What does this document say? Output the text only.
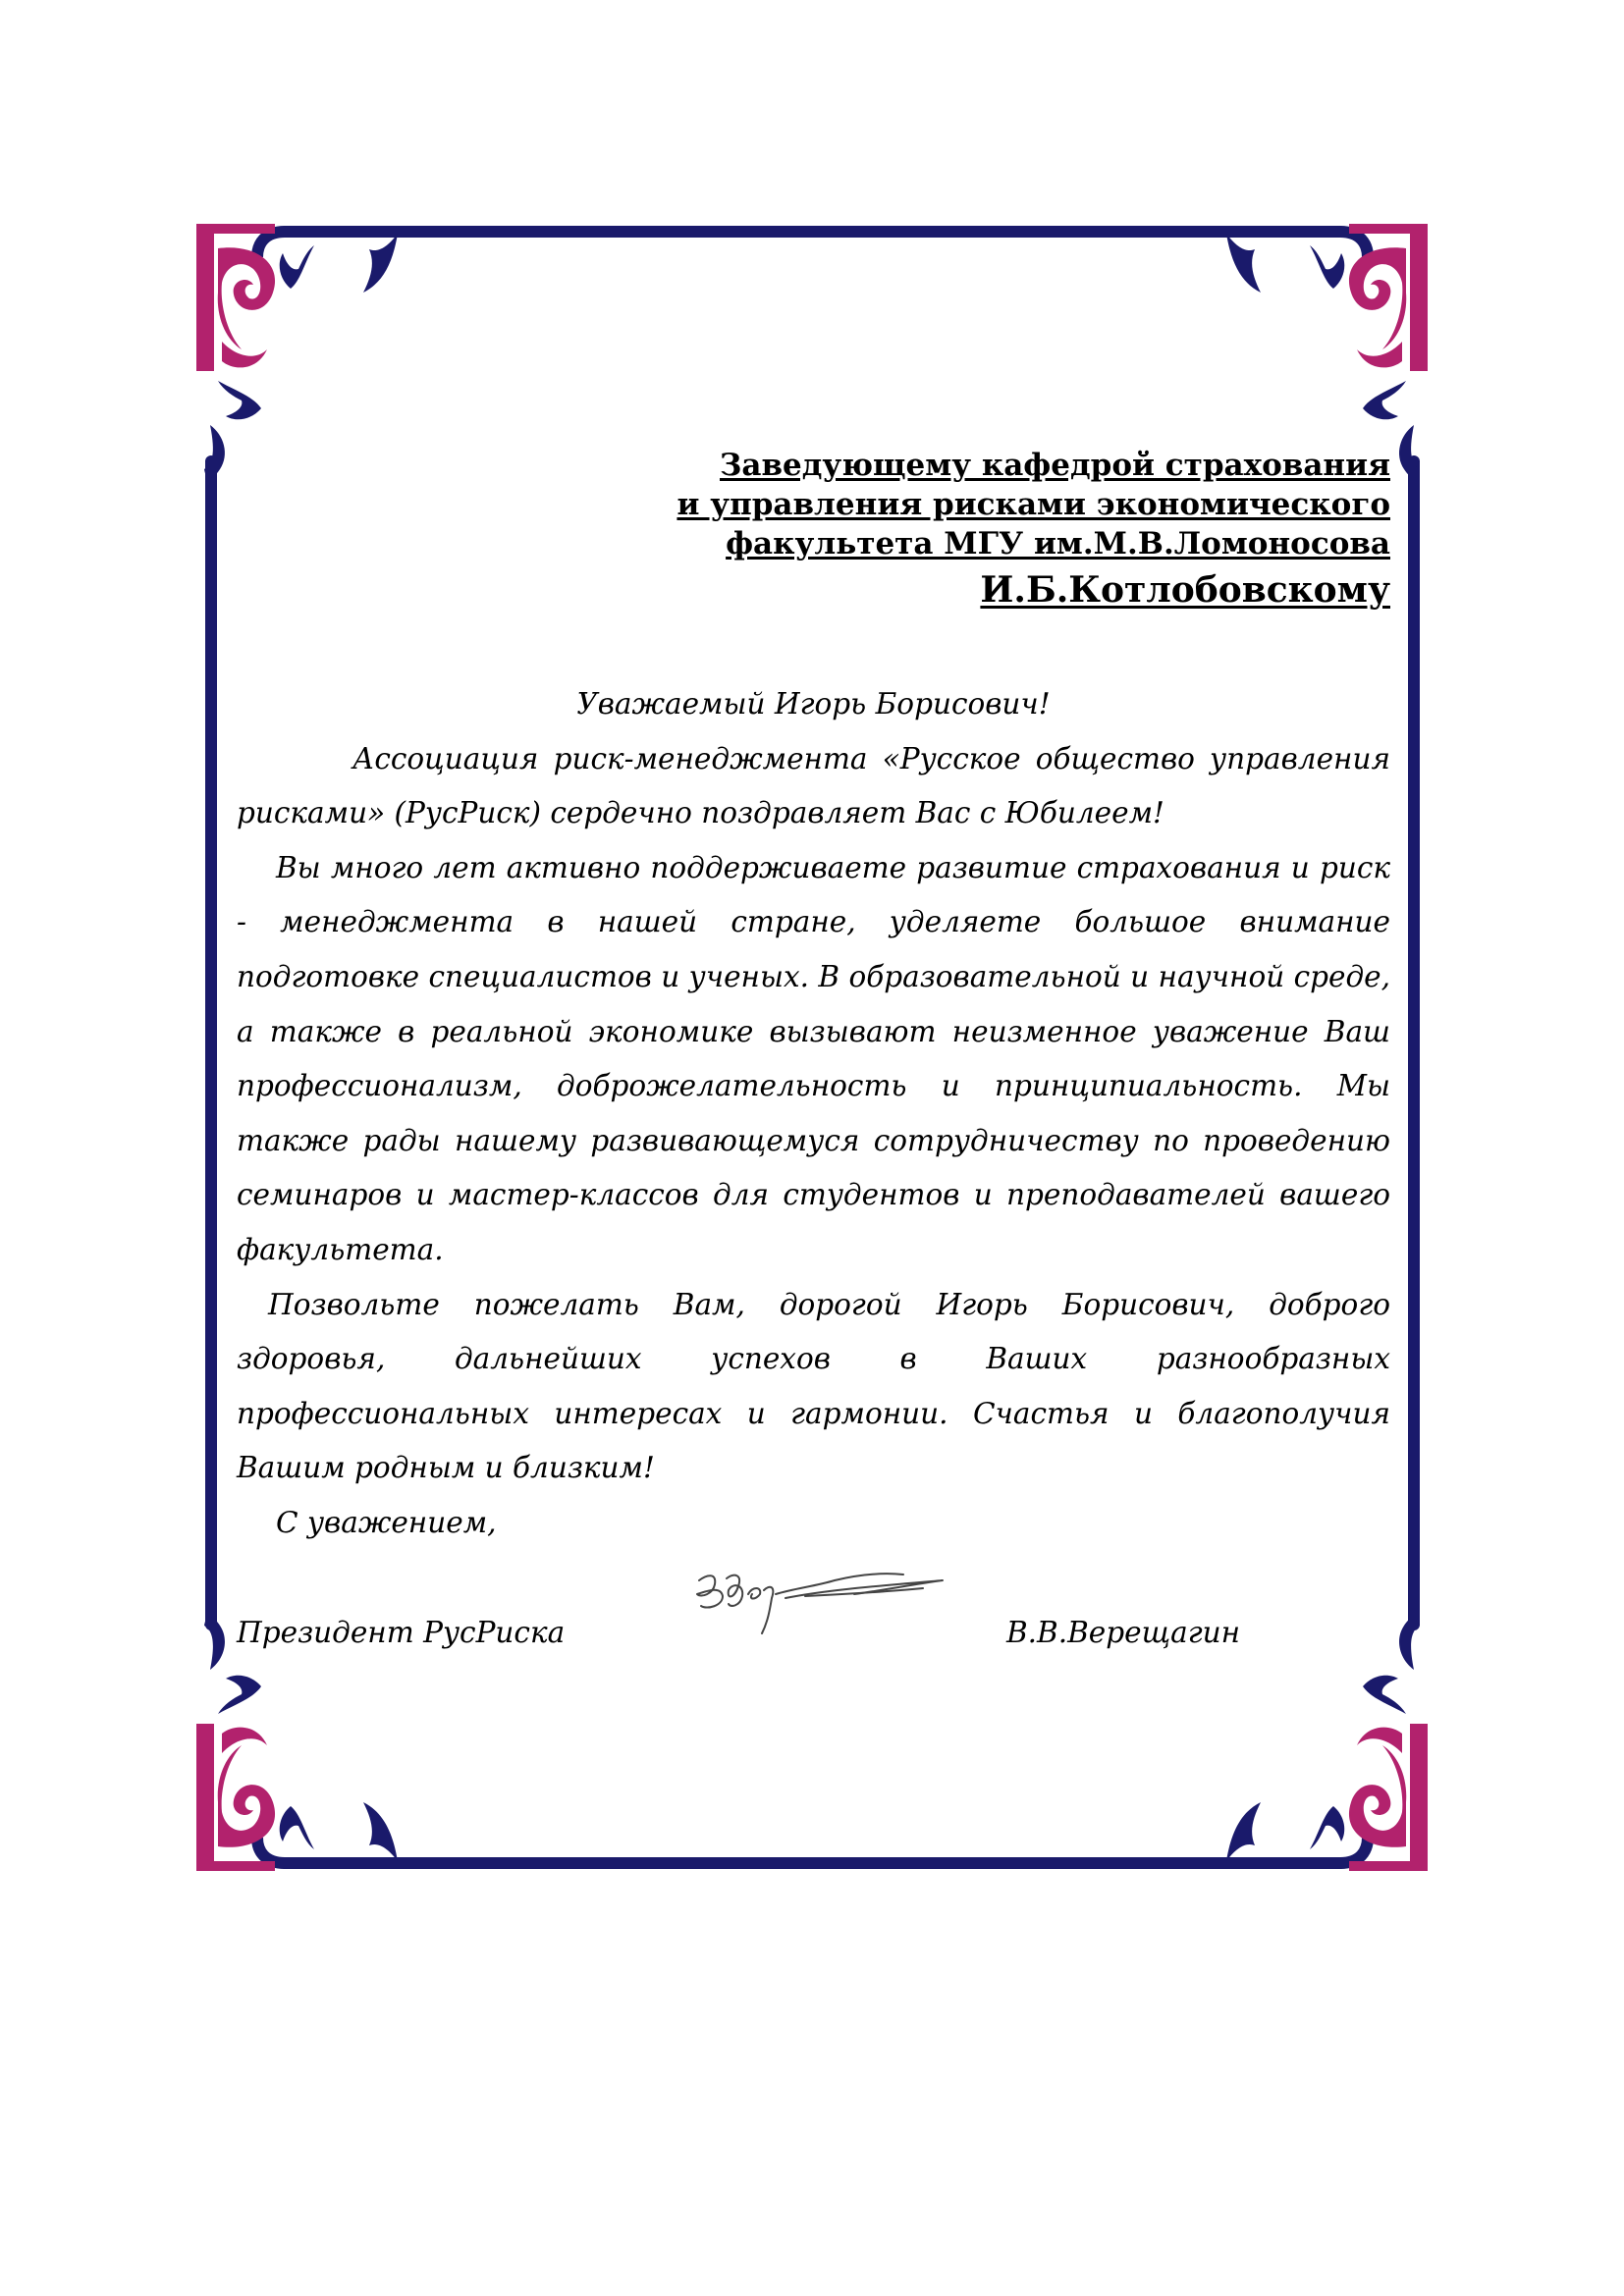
Заведующему кафедрой страхования
и управления рисками экономического
факультета МГУ им.М.В.Ломоносова
И.Б.Котлобовскому

Уважаемый Игорь Борисович!

Ассоциация риск-менеджмента «Русское общество управления рисками» (РусРиск) сердечно поздравляет Вас с Юбилеем!

Вы много лет активно поддерживаете развитие страхования и риск - менеджмента в нашей стране, уделяете большое внимание подготовке специалистов и ученых. В образовательной и научной среде, а также в реальной экономике вызывают неизменное уважение Ваш профессионализм, доброжелательность и принципиальность. Мы также рады нашему развивающемуся сотрудничеству по проведению семинаров и мастер-классов для студентов и преподавателей вашего факультета.

Позвольте пожелать Вам, дорогой Игорь Борисович, доброго здоровья, дальнейших успехов в Ваших разнообразных профессиональных интересах и гармонии. Счастья и благополучия Вашим родным и близким!

С уважением,

Президент РусРиска	В.В.Верещагин
